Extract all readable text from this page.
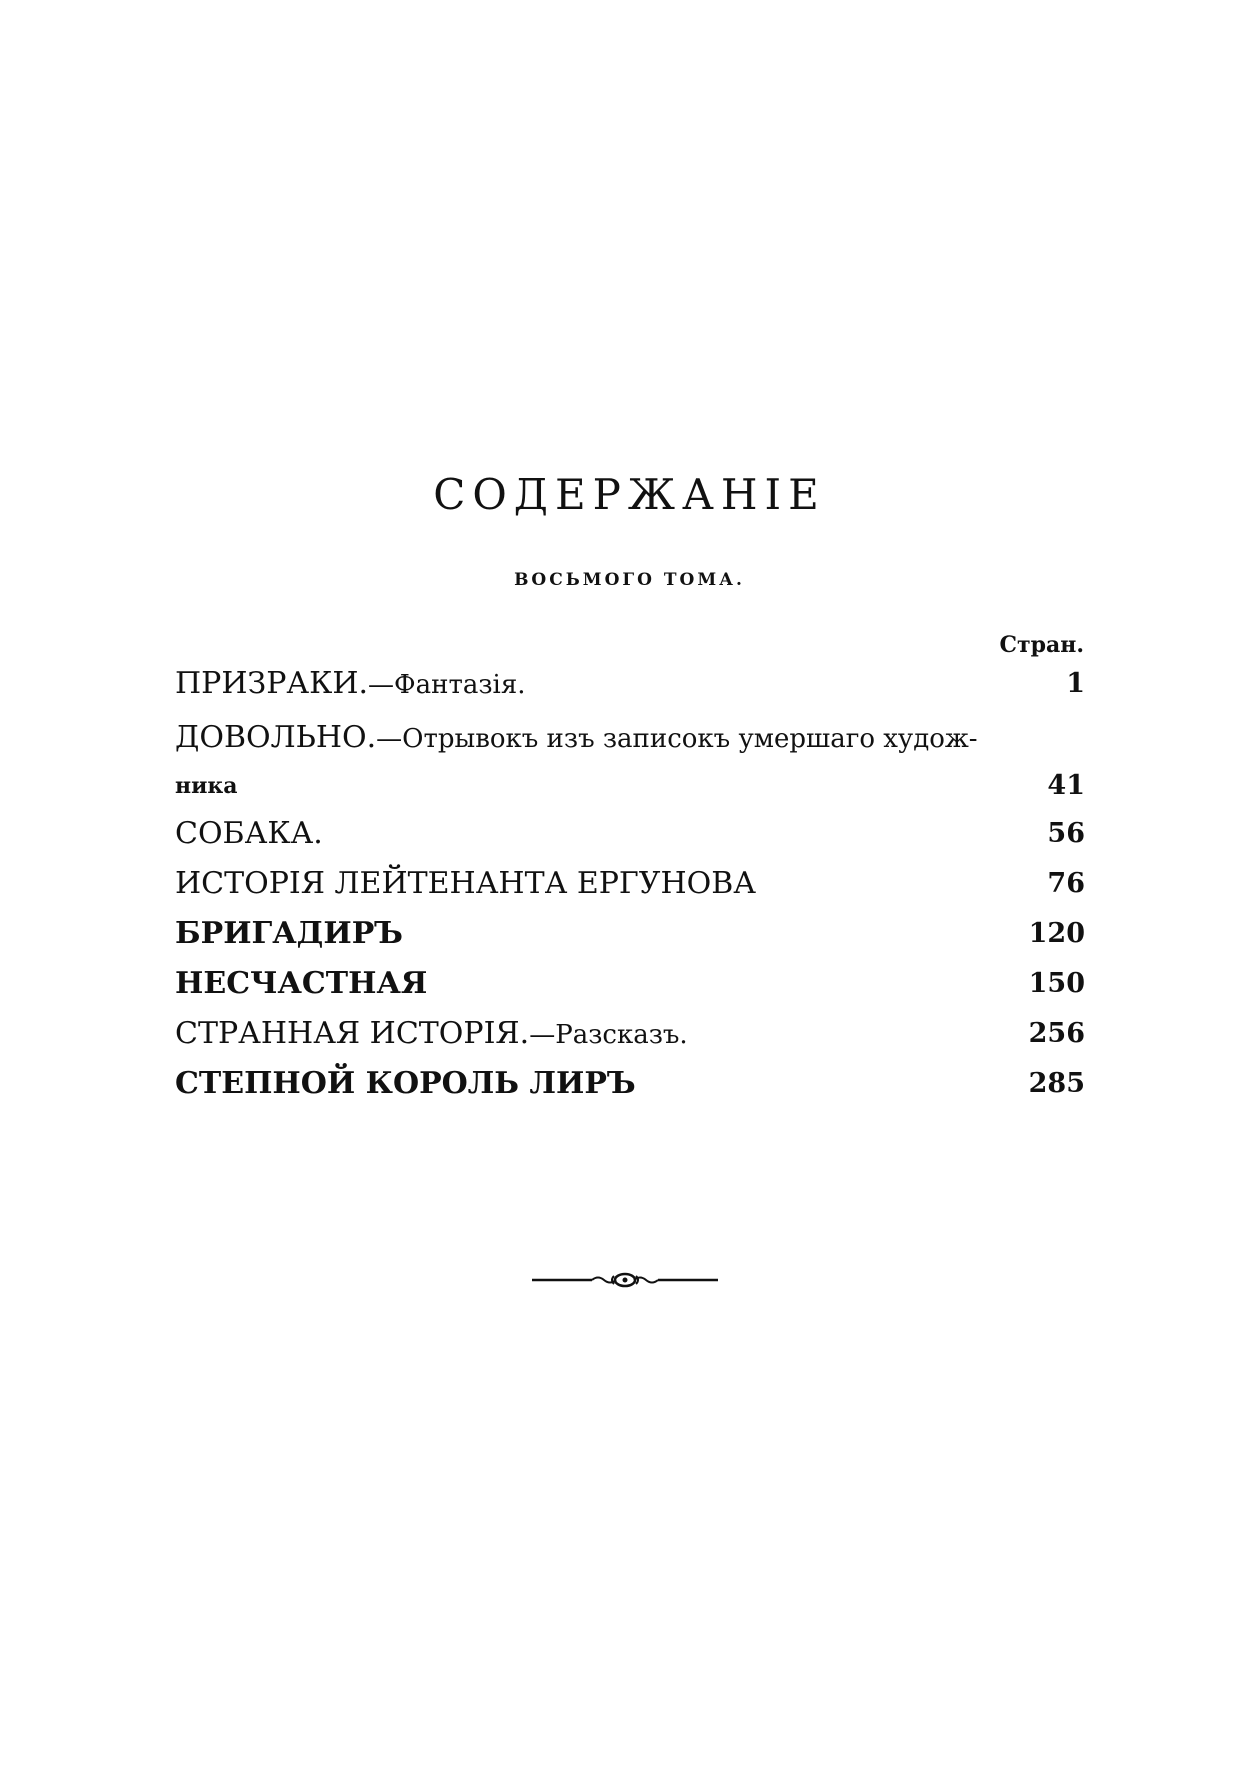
СОДЕРЖАНІЕ

ВОСЬМОГО ТОМА.

Стран.
ПРИЗРАКИ.—Фантазія.	1
ДОВОЛЬНО.—Отрывокъ изъ записокъ умершаго худож-
ника	41
СОБАКА.	56
ИСТОРІЯ ЛЕЙТЕНАНТА ЕРГУНОВА	76
БРИГАДИРЪ	120
НЕСЧАСТНАЯ	150
СТРАННАЯ ИСТОРІЯ.—Разсказъ.	256
СТЕПНОЙ КОРОЛЬ ЛИРЪ	285
